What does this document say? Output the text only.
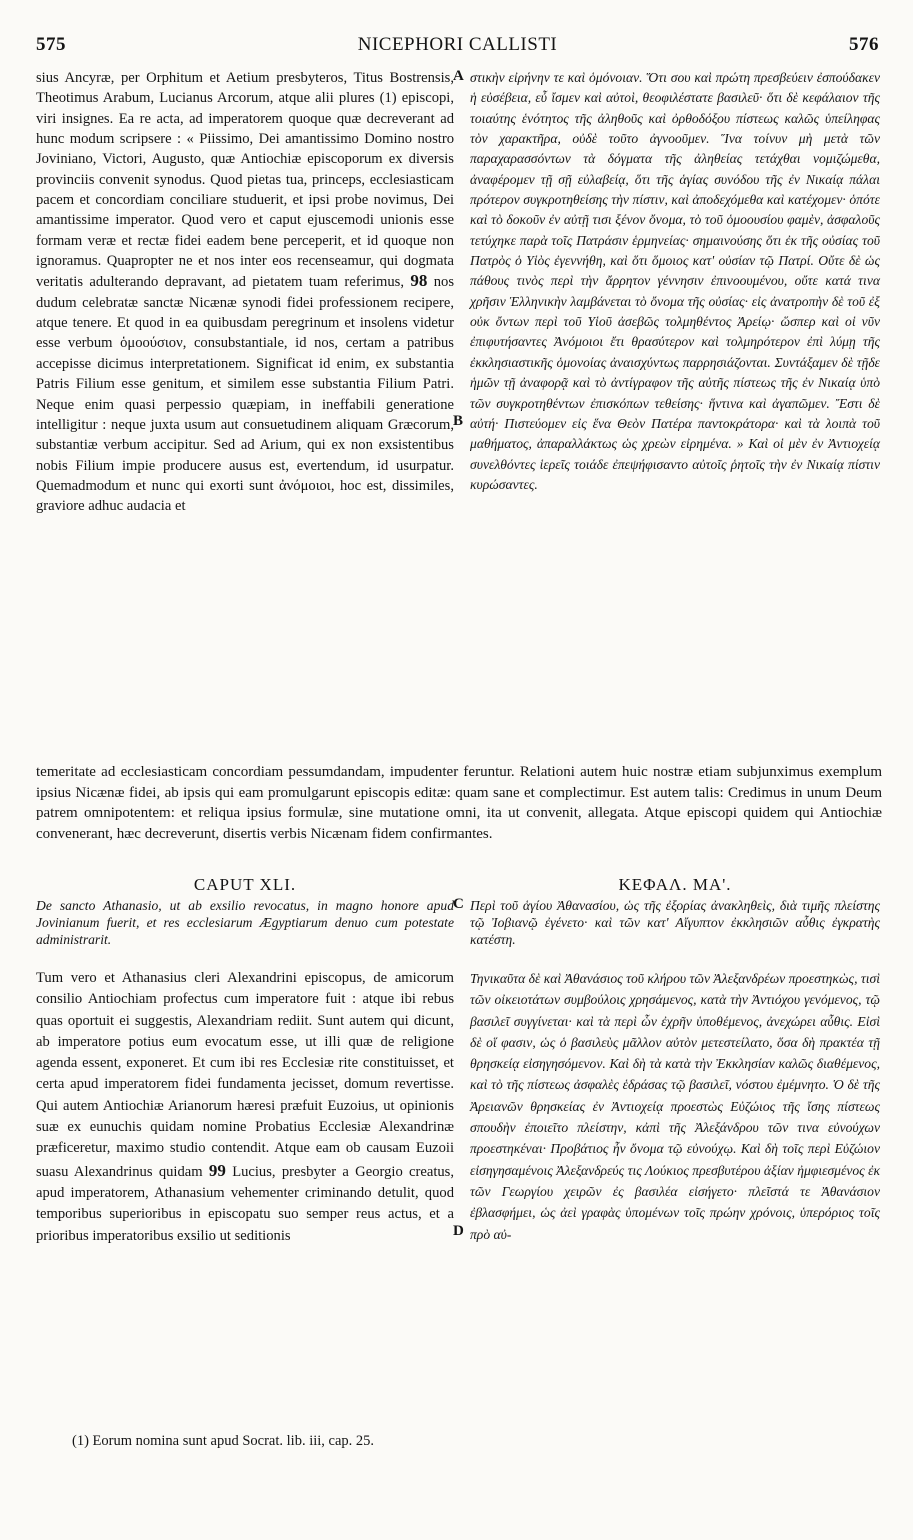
575	NICEPHORI CALLISTI	576

sius Ancyræ, per Orphitum et Aetium presbyteros, Titus Bostrensis, Theotimus Arabum, Lucianus Arcorum, atque alii plures (1) episcopi, viri insignes. Ea re acta, ad imperatorem quoque quæ decreverant ad hunc modum scripsere : « Piissimo, Dei amantissimo Domino nostro Joviniano, Victori, Augusto, quæ Antiochiæ episcoporum ex diversis provinciis convenit synodus. Quod pietas tua, princeps, ecclesiasticam pacem et concordiam conciliare studuerit, et ipsi probe novimus, Dei amantissime imperator. Quod vero et caput ejuscemodi unionis esse formam veræ et rectæ fidei eadem bene perceperit, et id quoque non ignoramus. Quapropter ne et nos inter eos recenseamur, qui dogmata veritatis adulterando depravant, ad pietatem tuam referimus, 98 nos dudum celebratæ sanctæ Nicænæ synodi fidei professionem recipere, atque tenere. Et quod in ea quibusdam peregrinum et insolens videtur esse verbum ὁμοούσιον, consubstantiale, id nos, certam a patribus accepisse dicimus interpretationem. Significat id enim, ex substantia Patris Filium esse genitum, et similem esse substantia Filium Patri. Neque enim quasi perpessio quæpiam, in ineffabili generatione intelligitur : neque juxta usum aut consuetudinem aliquam Græcorum, substantiæ verbum accipitur. Sed ad Arium, qui ex non exsistentibus nobis Filium impie producere ausus est, evertendum, id usurpatur. Quemadmodum et nunc qui exorti sunt ἀνόμοιοι, hoc est, dissimiles, graviore adhuc audacia et

A
B

στικὴν εἰρήνην τε καὶ ὁμόνοιαν. Ὅτι σου καὶ πρώτη πρεσβεύειν ἐσπούδακεν ἡ εὐσέβεια, εὖ ἴσμεν καὶ αὐτοὶ, θεοφιλέστατε βασιλεῦ· ὅτι δὲ κεφάλαιον τῆς τοιαύτης ἑνότητος τῆς ἀληθοῦς καὶ ὀρθοδόξου πίστεως καλῶς ὑπείληφας τὸν χαρακτῆρα, οὐδὲ τοῦτο ἀγνοοῦμεν. Ἵνα τοίνυν μὴ μετὰ τῶν παραχαρασσόντων τὰ δόγματα τῆς ἀληθείας τετάχθαι νομιζώμεθα, ἀναφέρομεν τῇ σῇ εὐλαβείᾳ, ὅτι τῆς ἁγίας συνόδου τῆς ἐν Νικαίᾳ πάλαι πρότερον συγκροτηθείσης τὴν πίστιν, καὶ ἀποδεχόμεθα καὶ κατέχομεν· ὁπότε καὶ τὸ δοκοῦν ἐν αὐτῇ τισι ξένον ὄνομα, τὸ τοῦ ὁμοουσίου φαμὲν, ἀσφαλοῦς τετύχηκε παρὰ τοῖς Πατράσιν ἑρμηνείας· σημαινούσης ὅτι ἐκ τῆς οὐσίας τοῦ Πατρὸς ὁ Υἱὸς ἐγεννήθη, καὶ ὅτι ὅμοιος κατ' οὐσίαν τῷ Πατρί. Οὔτε δὲ ὡς πάθους τινὸς περὶ τὴν ἄρρητον γέννησιν ἐπινοουμένου, οὔτε κατά τινα χρῆσιν Ἑλληνικὴν λαμβάνεται τὸ ὄνομα τῆς οὐσίας· εἰς ἀνατροπὴν δὲ τοῦ ἐξ οὐκ ὄντων περὶ τοῦ Υἱοῦ ἀσεβῶς τολμηθέντος Ἀρείῳ· ὥσπερ καὶ οἱ νῦν ἐπιφυτήσαντες Ἀνόμοιοι ἔτι θρασύτερον καὶ τολμηρότερον ἐπὶ λύμῃ τῆς ἐκκλησιαστικῆς ὁμονοίας ἀναισχύντως παρρησιάζονται. Συντάξαμεν δὲ τῇδε ἡμῶν τῇ ἀναφορᾷ καὶ τὸ ἀντίγραφον τῆς αὐτῆς πίστεως τῆς ἐν Νικαίᾳ ὑπὸ τῶν συγκροτηθέντων ἐπισκόπων τεθείσης· ἥντινα καὶ ἀγαπῶμεν. Ἔστι δὲ αὐτή· Πιστεύομεν εἰς ἕνα Θεὸν Πατέρα παντοκράτορα· καὶ τὰ λοιπὰ τοῦ μαθήματος, ἀπαραλλάκτως ὡς χρεὼν εἰρημένα. » Καὶ οἱ μὲν ἐν Ἀντιοχείᾳ συνελθόντες ἱερεῖς τοιάδε ἐπεψήφισαντο αὐτοῖς ῥητοῖς τὴν ἐν Νικαίᾳ πίστιν κυρώσαντες.

temeritate ad ecclesiasticam concordiam pessumdandam, impudenter feruntur. Relationi autem huic nostræ etiam subjunximus exemplum ipsius Nicænæ fidei, ab ipsis qui eam promulgarunt episcopis editæ: quam sane et complectimur. Est autem talis: Credimus in unum Deum patrem omnipotentem: et reliqua ipsius formulæ, sine mutatione omni, ita ut convenit, allegata. Atque episcopi quidem qui Antiochiæ convenerant, hæc decreverunt, disertis verbis Nicænam fidem confirmantes.

CAPUT XLI.
De sancto Athanasio, ut ab exsilio revocatus, in magno honore apud Jovinianum fuerit, et res ecclesiarum Ægyptiarum denuo cum potestate administrarit.
C
ΚΕΦΑΛ. ΜΑ'.
Περὶ τοῦ ἁγίου Ἀθανασίου, ὡς τῆς ἐξορίας ἀνακληθεὶς, διὰ τιμῆς πλείστης τῷ Ἰοβιανῷ ἐγένετο· καὶ τῶν κατ' Αἴγυπτον ἐκκλησιῶν αὖθις ἐγκρατὴς κατέστη.

Tum vero et Athanasius cleri Alexandrini episcopus, de amicorum consilio Antiochiam profectus cum imperatore fuit : atque ibi rebus quas oportuit ei suggestis, Alexandriam rediit. Sunt autem qui dicunt, ab imperatore potius eum evocatum esse, ut illi quæ de religione agenda essent, exponeret. Et cum ibi res Ecclesiæ rite constituisset, et certa apud imperatorem fidei fundamenta jecisset, domum revertisse. Qui autem Antiochiæ Arianorum hæresi præfuit Euzoius, ut opinionis suæ ex eunuchis quidam nomine Probatius Ecclesiæ Alexandrinæ præficeretur, maximo studio contendit. Atque eam ob causam Euzoii suasu Alexandrinus quidam 99 Lucius, presbyter a Georgio creatus, apud imperatorem, Athanasium vehementer criminando detulit, quod temporibus superioribus in episcopatu suo semper reus actus, et a prioribus imperatoribus exsilio ut seditionis	D

Τηνικαῦτα δὲ καὶ Ἀθανάσιος τοῦ κλήρου τῶν Ἀλεξανδρέων προεστηκὼς, τισὶ τῶν οἰκειοτάτων συμβούλοις χρησάμενος, κατὰ τὴν Ἀντιόχου γενόμενος, τῷ βασιλεῖ συγγίνεται· καὶ τὰ περὶ ὧν ἐχρῆν ὑποθέμενος, ἀνεχώρει αὖθις. Εἰσὶ δὲ οἵ φασιν, ὡς ὁ βασιλεὺς μᾶλλον αὐτὸν μετεστείλατο, ὅσα δὴ πρακτέα τῇ θρησκείᾳ εἰσηγησόμενον. Καὶ δὴ τὰ κατὰ τὴν Ἐκκλησίαν καλῶς διαθέμενος, καὶ τὸ τῆς πίστεως ἀσφαλὲς ἑδράσας τῷ βασιλεῖ, νόστου ἐμέμνητο. Ὁ δὲ τῆς Ἀρειανῶν θρησκείας ἐν Ἀντιοχείᾳ προεστὼς Εὐζώιος τῆς ἴσης πίστεως σπουδὴν ἐποιεῖτο πλείστην, κἀπὶ τῆς Ἀλεξάνδρου τῶν τινα εὐνούχων προεστηκέναι· Προβάτιος ἦν ὄνομα τῷ εὐνούχῳ. Καὶ δὴ τοῖς περὶ Εὐζώιον εἰσηγησαμένοις Ἀλεξανδρεύς τις Λούκιος πρεσβυτέρου ἀξίαν ἠμφιεσμένος ἐκ τῶν Γεωργίου χειρῶν ἐς βασιλέα εἰσήγετο· πλεῖστά τε Ἀθανάσιον ἐβλασφήμει, ὡς ἀεὶ γραφὰς ὑπομένων τοῖς πρώην χρόνοις, ὑπερόριος τοῖς πρὸ αὐ-

(1) Eorum nomina sunt apud Socrat. lib. iii, cap. 25.
